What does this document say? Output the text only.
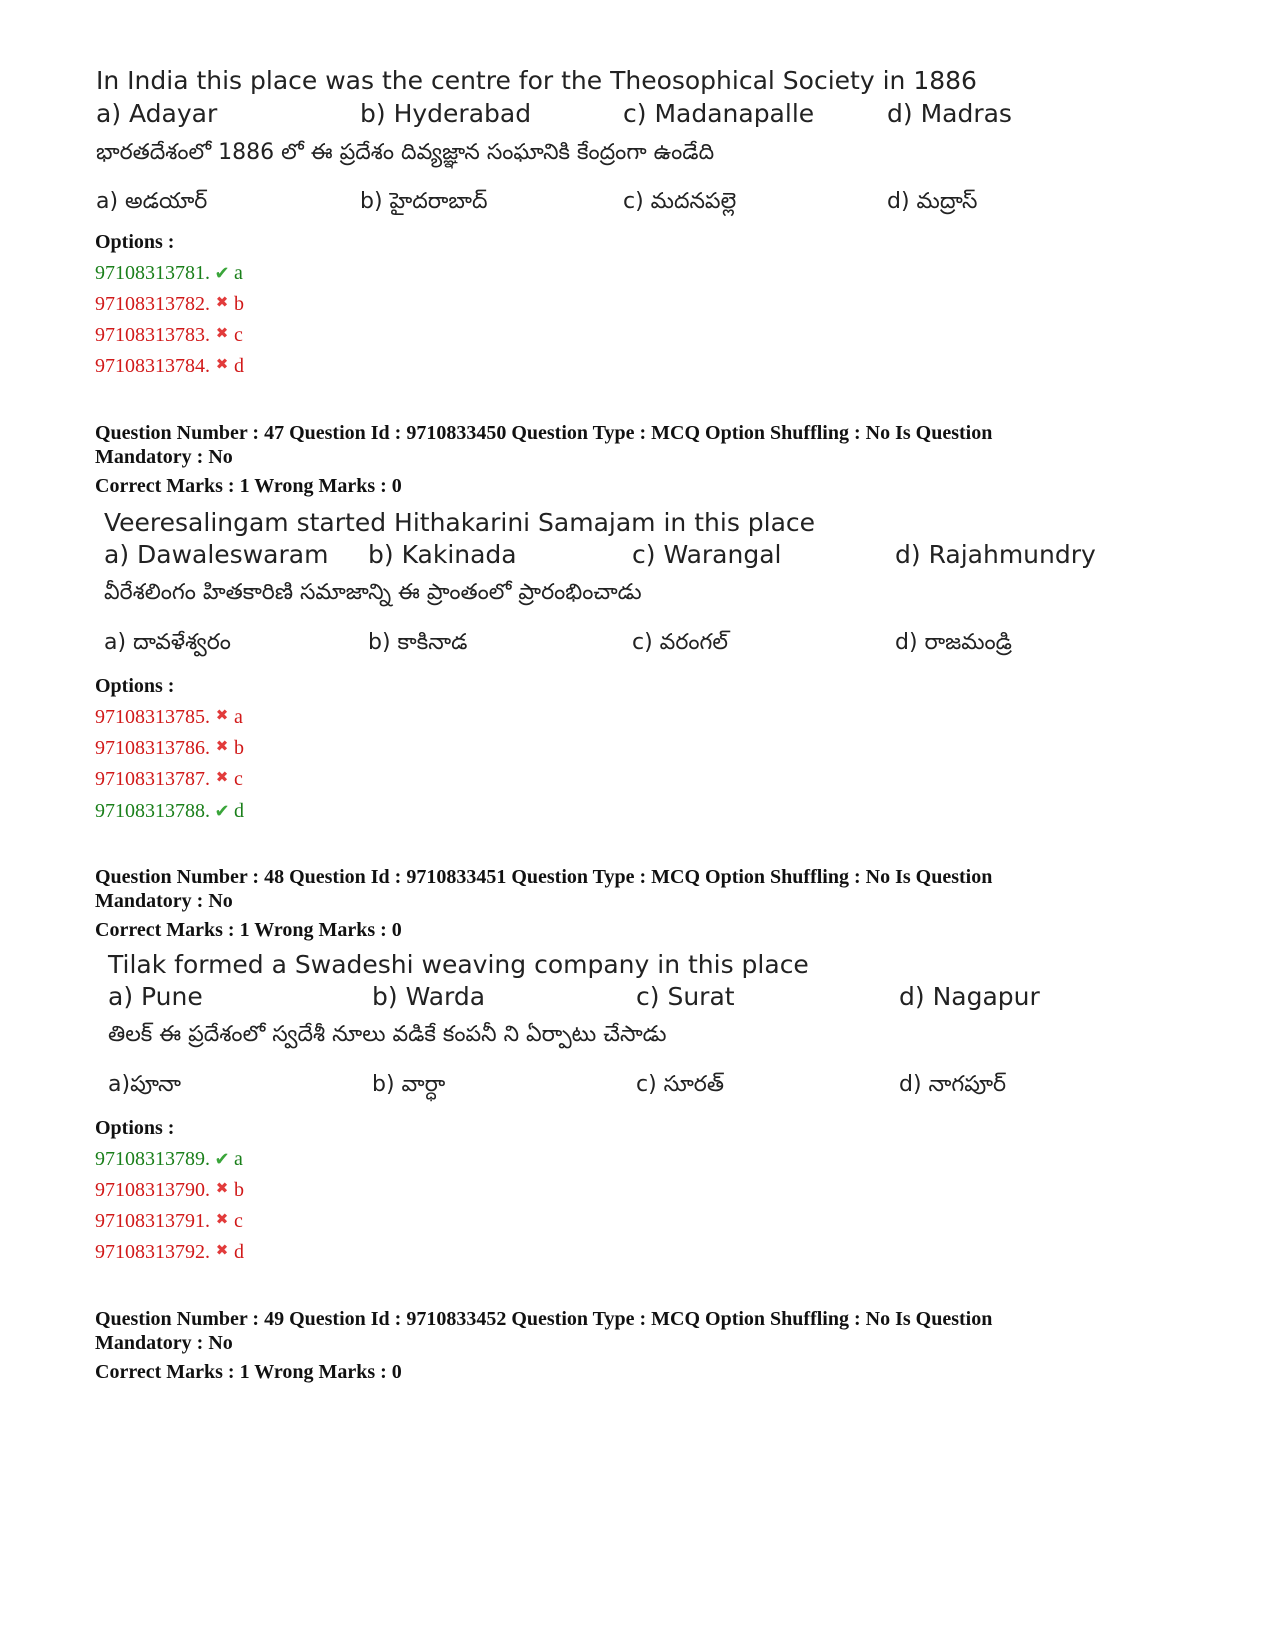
In India this place was the centre for the Theosophical Society in 1886
a) Adayar	b) Hyderabad	c) Madanapalle	d) Madras
భారతదేశంలో 1886 లో ఈ ప్రదేశం దివ్యజ్ఞాన సంఘానికి కేంద్రంగా ఉండేది
a) అడయార్	b) హైదరాబాద్	c) మదనపల్లె	d) మద్రాస్
Options :
97108313781. ✔ a
97108313782. ✖ b
97108313783. ✖ c
97108313784. ✖ d
Question Number : 47 Question Id : 9710833450 Question Type : MCQ Option Shuffling : No Is Question
Mandatory : No
Correct Marks : 1 Wrong Marks : 0
Veeresalingam started Hithakarini Samajam in this place
a) Dawaleswaram b) Kakinada	c) Warangal	d) Rajahmundry
వీరేశలింగం హితకారిణి సమాజాన్ని ఈ ప్రాంతంలో ప్రారంభించాడు
a) దావళేశ్వరం	b) కాకినాడ	c) వరంగల్	d) రాజమండ్రి
Options :
97108313785. ✖ a
97108313786. ✖ b
97108313787. ✖ c
97108313788. ✔ d
Question Number : 48 Question Id : 9710833451 Question Type : MCQ Option Shuffling : No Is Question
Mandatory : No
Correct Marks : 1 Wrong Marks : 0
Tilak formed a Swadeshi weaving company in this place
a) Pune	b) Warda	c) Surat	d) Nagapur
తిలక్ ఈ ప్రదేశంలో స్వదేశీ నూలు వడికే కంపనీ ని ఏర్పాటు చేసాడు
a)పూనా	b) వార్ధా	c) సూరత్	d) నాగపూర్
Options :
97108313789. ✔ a
97108313790. ✖ b
97108313791. ✖ c
97108313792. ✖ d
Question Number : 49 Question Id : 9710833452 Question Type : MCQ Option Shuffling : No Is Question
Mandatory : No
Correct Marks : 1 Wrong Marks : 0
